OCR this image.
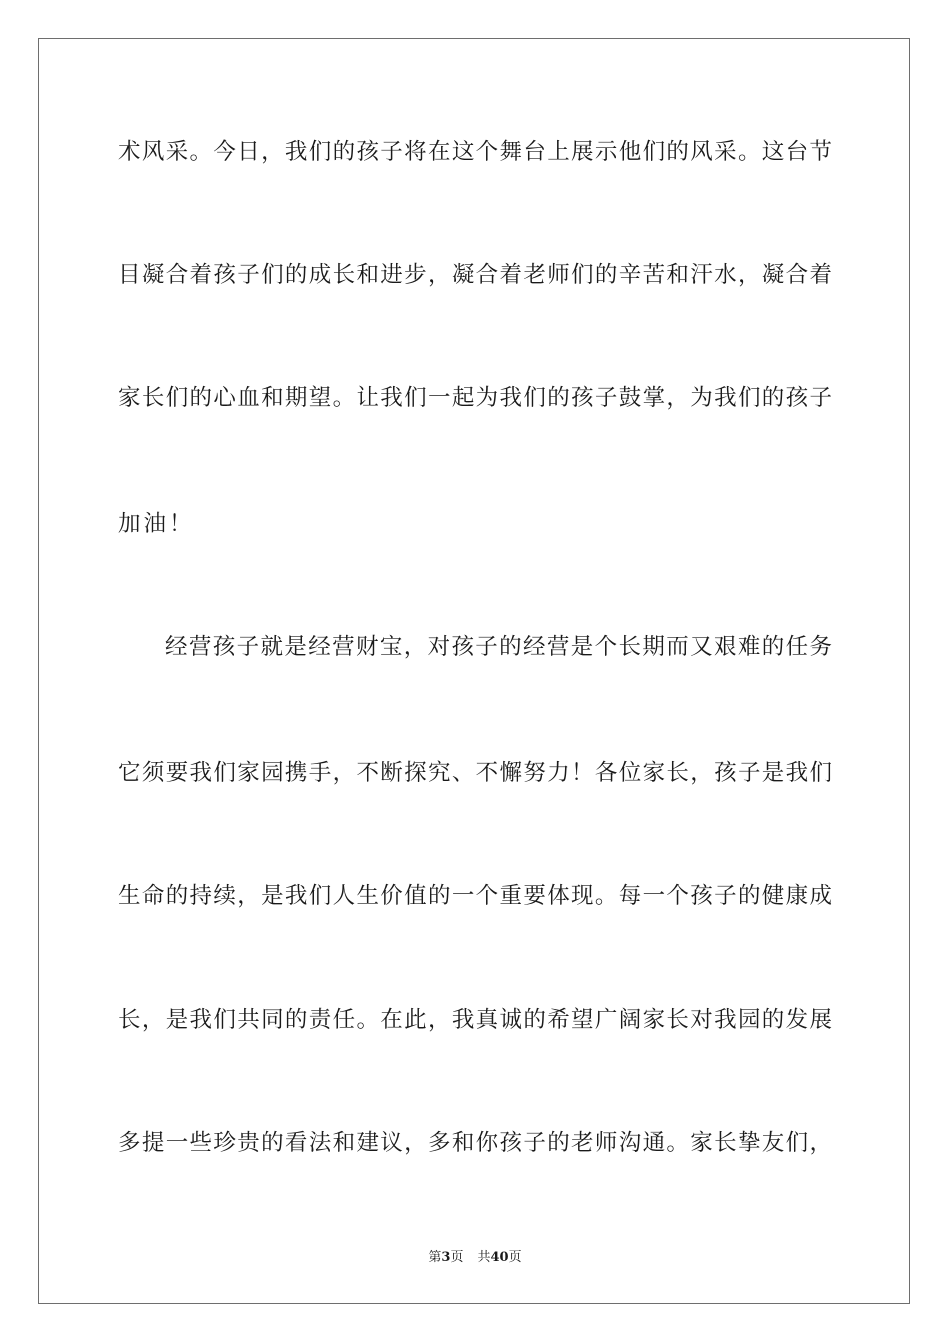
术风采。今日，我们的孩子将在这个舞台上展示他们的风采。这台节
目凝合着孩子们的成长和进步，凝合着老师们的辛苦和汗水，凝合着
家长们的心血和期望。让我们一起为我们的孩子鼓掌，为我们的孩子
加油！
经营孩子就是经营财宝，对孩子的经营是个长期而又艰难的任务
它须要我们家园携手，不断探究、不懈努力！各位家长，孩子是我们
生命的持续，是我们人生价值的一个重要体现。每一个孩子的健康成
长，是我们共同的责任。在此，我真诚的希望广阔家长对我园的发展
多提一些珍贵的看法和建议，多和你孩子的老师沟通。家长挚友们，
第3页 共40页
